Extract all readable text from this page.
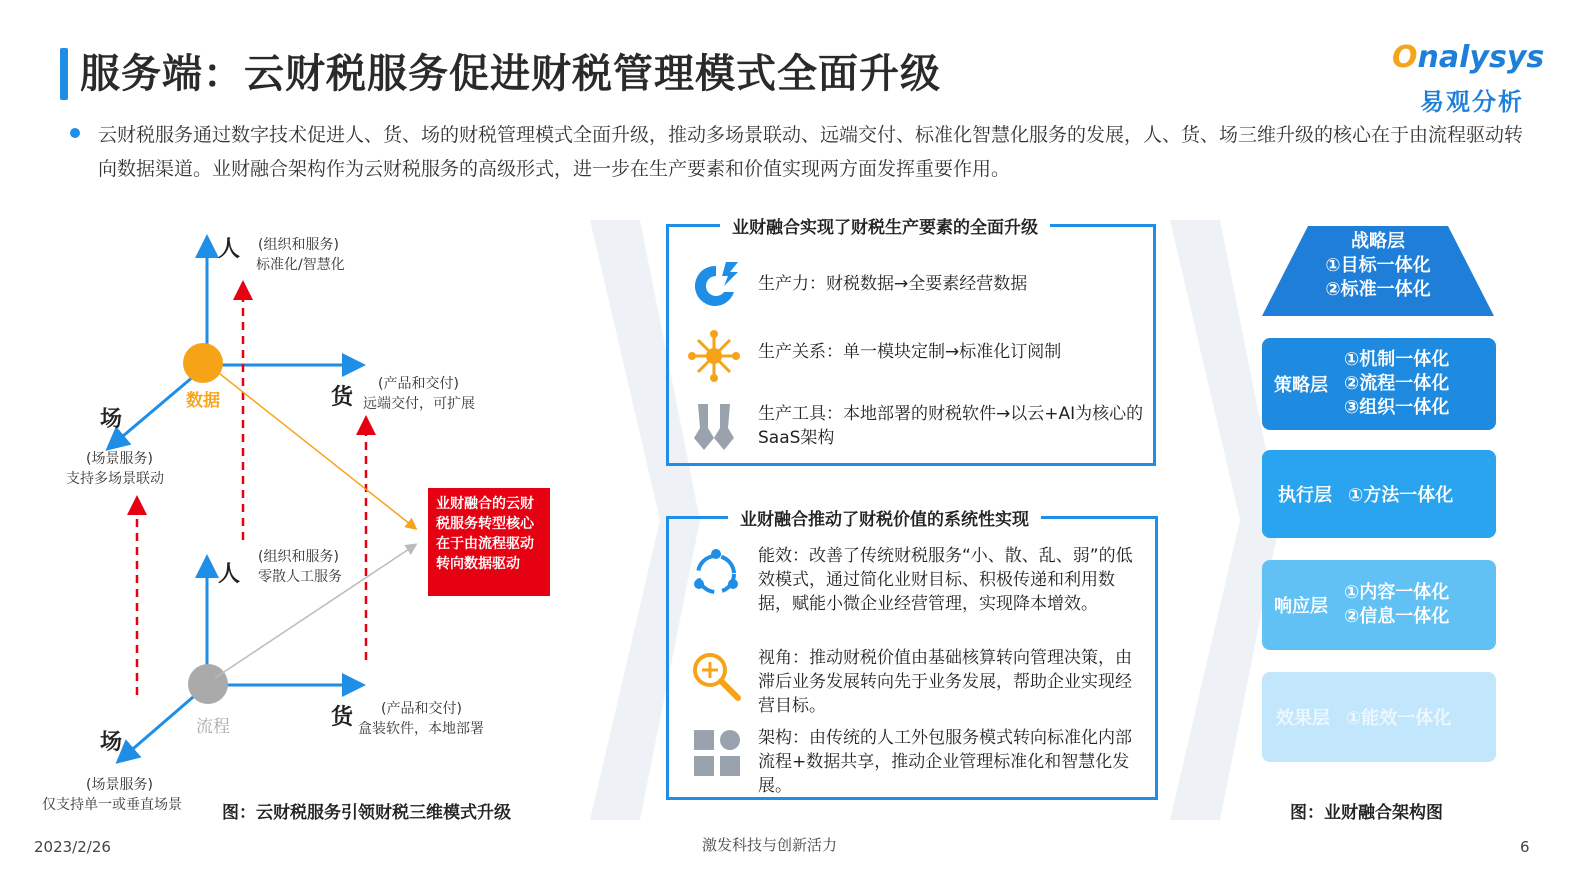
服务端：云财税服务促进财税管理模式全面升级	Onalysys
易观分析
云财税服务通过数字技术促进人、货、场的财税管理模式全面升级，推动多场景联动、远端交付、标准化智慧化服务的发展，人、货、场三维升级的核心在于由流程驱动转向数据渠道。业财融合架构作为云财税服务的高级形式，进一步在生产要素和价值实现两方面发挥重要作用。
人 (组织和服务)
标准化/智慧化
货
(产品和交付)
远端交付，可扩展
场
(场景服务)
支持多场景联动
数据
人
(组织和服务)
零散人工服务
货 (产品和交付)
盒装软件，本地部署
场
(场景服务)
仅支持单一或垂直场景
流程
业财融合的云财税服务转型核心在于由流程驱动转向数据驱动
图：云财税服务引领财税三维模式升级
业财融合实现了财税生产要素的全面升级
生产力：财税数据→全要素经营数据
生产关系：单一模块定制→标准化订阅制
生产工具：本地部署的财税软件→以云+AI为核心的SaaS架构
业财融合推动了财税价值的系统性实现
能效：改善了传统财税服务“小、散、乱、弱”的低效模式，通过简化业财目标、积极传递和利用数据，赋能小微企业经营管理，实现降本增效。
视角：推动财税价值由基础核算转向管理决策，由滞后业务发展转向先于业务发展，帮助企业实现经营目标。
架构：由传统的人工外包服务模式转向标准化内部流程+数据共享，推动企业管理标准化和智慧化发展。
战略层
①目标一体化
②标准一体化
策略层
①机制一体化
②流程一体化
③组织一体化
执行层 ①方法一体化
响应层
①内容一体化
②信息一体化
效果层 ①能效一体化
图：业财融合架构图
2023/2/26	激发科技与创新活力	6
